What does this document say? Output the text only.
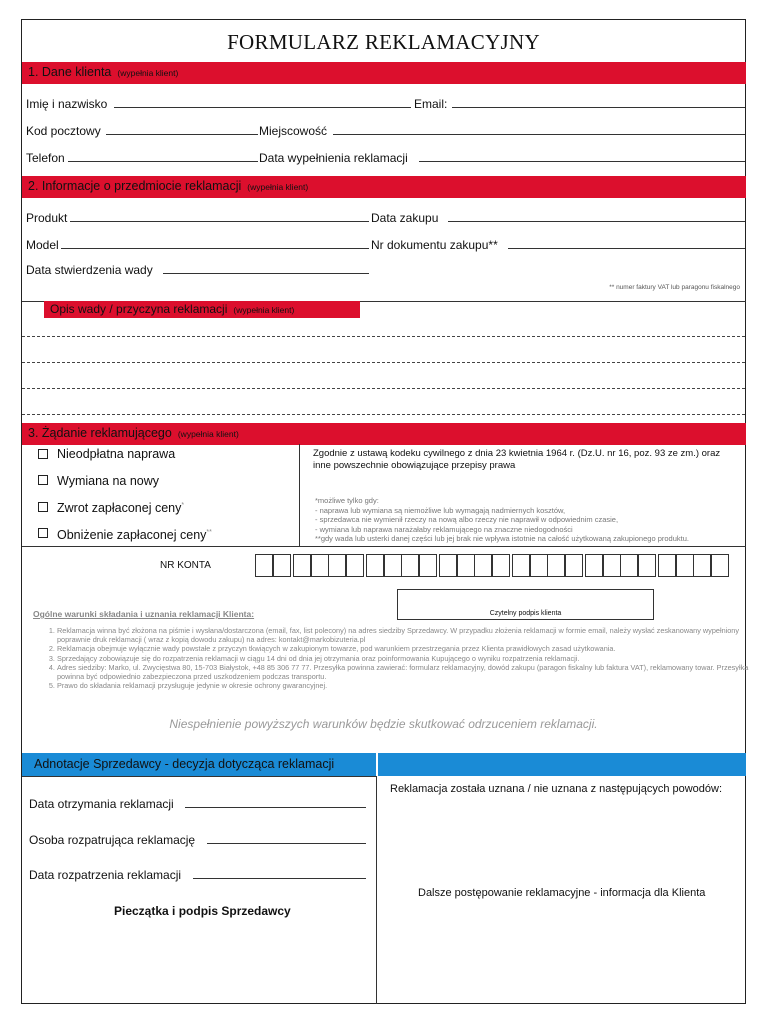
FORMULARZ REKLAMACYJNY
1. Dane klienta (wypełnia klient)
Imię i nazwisko	Email:
Kod pocztowy	Miejscowość
Telefon	Data wypełnienia reklamacji
2. Informacje o przedmiocie reklamacji (wypełnia klient)
Produkt	Data zakupu
Model	Nr dokumentu zakupu**
Data stwierdzenia wady
** numer faktury VAT lub paragonu fiskalnego
Opis wady / przyczyna reklamacji (wypełnia klient)
3. Żądanie reklamującego (wypełnia klient)
Nieodpłatna naprawa
Wymiana na nowy
Zwrot zapłaconej ceny*
Obniżenie zapłaconej ceny**
Zgodnie z ustawą kodeku cywilnego z dnia 23 kwietnia 1964 r. (Dz.U. nr 16, poz. 93 ze zm.) oraz inne powszechnie obowiązujące przepisy prawa
*możliwe tylko gdy:
- naprawa lub wymiana są niemożliwe lub wymagają nadmiernych kosztów,
- sprzedawca nie wymienił rzeczy na nową albo rzeczy nie naprawił w odpowiednim czasie,
- wymiana lub naprawa narażałaby reklamującego na znaczne niedogodności
**gdy wada lub usterki danej części lub jej brak nie wpływa istotnie na całość użytkowaną zakupionego produktu.
NR KONTA
Czytelny podpis klienta
Ogólne warunki składania i uznania reklamacji Klienta:
1. Reklamacja winna być złożona na piśmie i wysłana/dostarczona (email, fax, list polecony) na adres siedziby Sprzedawcy. W przypadku złożenia reklamacji w formie email, należy wysłać zeskanowany wypełniony poprawnie druk reklamacji ( wraz z kopią dowodu zakupu) na adres: kontakt@markobizuteria.pl
2. Reklamacja obejmuje wyłącznie wady powstałe z przyczyn tkwiących w zakupionym towarze, pod warunkiem przestrzegania przez Klienta prawidłowych zasad użytkowania.
3. Sprzedający zobowiązuje się do rozpatrzenia reklamacji w ciągu 14 dni od dnia jej otrzymania oraz poinformowania Kupującego o wyniku rozpatrzenia reklamacji.
4. Adres siedziby: Marko, ul. Zwycięstwa 80, 15-703 Białystok, +48 85 306 77 77. Przesyłka powinna zawierać: formularz reklamacyjny, dowód zakupu (paragon fiskalny lub faktura VAT), reklamowany towar. Przesyłka powinna być odpowiednio zabezpieczona przed uszkodzeniem podczas transportu.
5. Prawo do składania reklamacji przysługuje jedynie w okresie ochrony gwarancyjnej.
Niespełnienie powyższych warunków będzie skutkować odrzuceniem reklamacji.
Adnotacje Sprzedawcy - decyzja dotycząca reklamacji
Data otrzymania reklamacji
Osoba rozpatrująca reklamację
Data rozpatrzenia reklamacji
Pieczątka i podpis Sprzedawcy
Reklamacja została uznana / nie uznana z następujących powodów:
Dalsze postępowanie reklamacyjne - informacja dla Klienta
